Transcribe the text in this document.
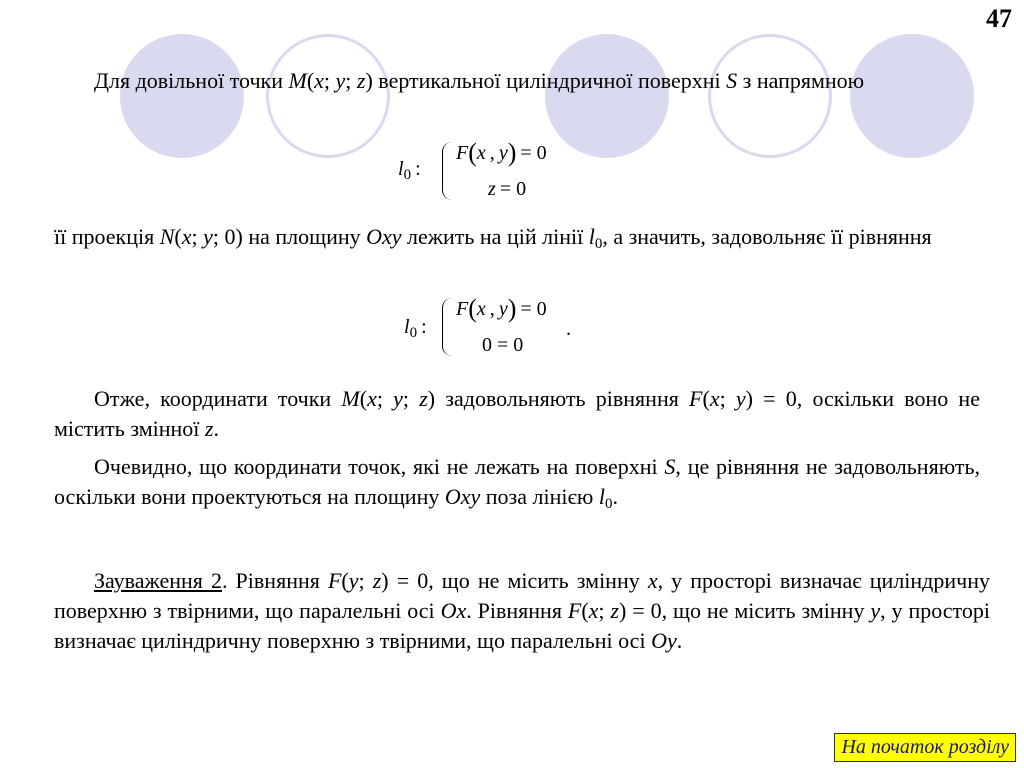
47
Для довільної точки M(x; y; z) вертикальної циліндричної поверхні S з напрямною
$l_0$  :
F(x  ,  y)  = 0
z  = 0
її проекція N(x; y; 0) на площину Oxy лежить на цій лінії $l_0$, а значить, задовольняє її рівняння
$l_0$  :
F(x  ,  y)  = 0
.
0 = 0
Отже, координати точки M(x; y; z) задовольняють рівняння F(x; y) = 0, оскільки воно не містить змінної z.
Очевидно, що координати точок, які не лежать на поверхні S, це рівняння не задовольняють, оскільки вони проектуються на площину Oxy поза лінією $l_0$.
Зауваження 2. Рівняння F(y; z) = 0, що не місить змінну x, у просторі визначає циліндричну поверхню з твірними, що паралельні осі Ox. Рівняння F(x; z) = 0, що не місить змінну y, у просторі визначає циліндричну поверхню з твірними, що паралельні осі Oy.
На початок розділу
